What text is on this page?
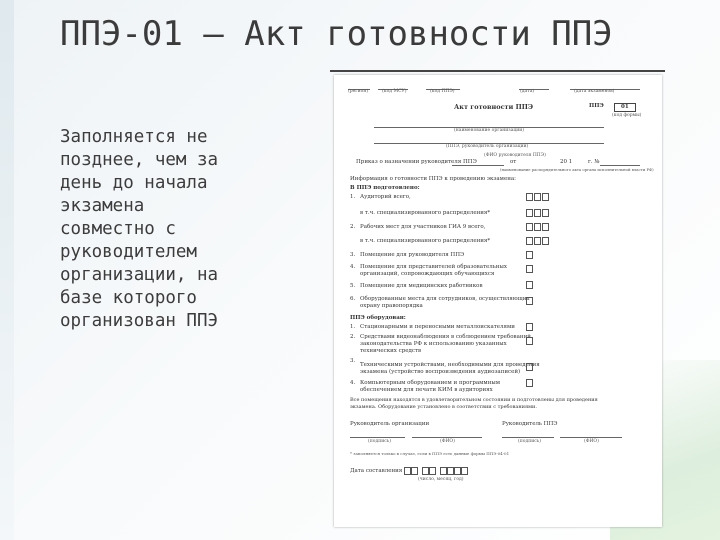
ППЭ-01 – Акт готовности ППЭ
Заполняется не
позднее, чем за
день до начала
экзамена
совместно с
руководителем
организации, на
базе которого
организован ППЭ
(регион)	(код МСУ)	(код ППЭ)	(дата)	(дата экзаменов)
ППЭ	01
(код формы)
Акт готовности ППЭ
(наименование организации)
(ППЭ, руководитель организации)
(ФИО руководителя ППЭ)
Приказ о назначении руководителя ППЭ	от	20 1	г. №
(наименование распорядительного акта органа исполнительной власти РФ)
Информация о готовности ППЭ к проведению экзамена:
В ППЭ подготовлено:
1. Аудиторий всего,
в т.ч. специализированного распределения*
2. Рабочих мест для участников ГИА 9 всего,
в т.ч. специализированного распределения*
3. Помещение для руководителя ППЭ
4. Помещение для представителей образовательных
организаций, сопровождающих обучающихся
5. Помещение для медицинских работников
6. Оборудованные места для сотрудников, осуществляющих
охрану правопорядка
ППЭ оборудован:
1. Стационарными и переносными металлоискателями
2. Средствами видеонаблюдения в соблюдением требований
законодательства РФ к использованию указанных
технических средств
3.
Техническими устройствами, необходимыми для проведения
экзамена (устройство воспроизведения аудиозаписей)
4. Компьютерным оборудованием и программным
обеспечением для печати КИМ в аудиториях
Все помещения находятся в удовлетворительном состоянии и подготовлены для проведения
экзамена. Оборудование установлено в соответствии с требованиями.
Руководитель организации	Руководитель ППЭ
(подпись)	(ФИО)	(подпись)	(ФИО)
* заполняется только в случае, если в ППЭ есть данные формы ППЭ-04-01
Дата составления
(число, месяц, год)
